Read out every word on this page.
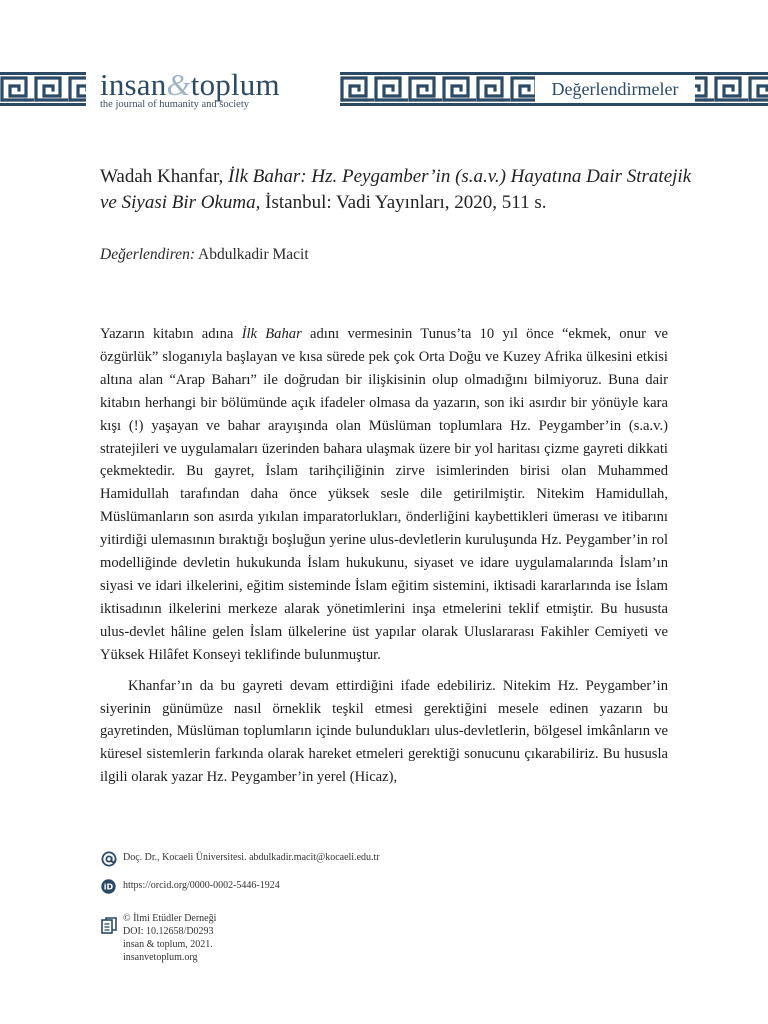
insan&toplum
the journal of humanity and society
Değerlendirmeler
Wadah Khanfar, İlk Bahar: Hz. Peygamber’in (s.a.v.) Hayatına Dair Stratejik ve Siyasi Bir Okuma, İstanbul: Vadi Yayınları, 2020, 511 s.
Değerlendiren: Abdulkadir Macit

Yazarın kitabın adına İlk Bahar adını vermesinin Tunus’ta 10 yıl önce “ekmek, onur ve özgürlük” sloganıyla başlayan ve kısa sürede pek çok Orta Doğu ve Kuzey Afrika ülkesini etkisi altına alan “Arap Baharı” ile doğrudan bir ilişkisinin olup olmadığını bilmiyoruz. Buna dair kitabın herhangi bir bölümünde açık ifadeler olmasa da yazarın, son iki asırdır bir yönüyle kara kışı (!) yaşayan ve bahar arayışında olan Müslüman toplumlara Hz. Peygamber’in (s.a.v.) stratejileri ve uygulamaları üzerinden bahara ulaşmak üzere bir yol haritası çizme gayreti dikkati çekmektedir. Bu gayret, İslam tarihçiliğinin zirve isimlerinden birisi olan Muhammed Hamidullah tarafından daha önce yüksek sesle dile getirilmiştir. Nitekim Hamidullah, Müslümanların son asırda yıkılan imparatorlukları, önderliğini kaybettikleri ümerası ve itibarını yitirdiği ulemasının bıraktığı boşluğun yerine ulus-devletlerin kuruluşunda Hz. Peygamber’in rol modelliğinde devletin hukukunda İslam hukukunu, siyaset ve idare uygulamalarında İslam’ın siyasi ve idari ilkelerini, eğitim sisteminde İslam eğitim sistemini, iktisadi kararlarında ise İslam iktisadının ilkelerini merkeze alarak yönetimlerini inşa etmelerini teklif etmiştir. Bu hususta ulus-devlet hâline gelen İslam ülkelerine üst yapılar olarak Uluslararası Fakihler Cemiyeti ve Yüksek Hilâfet Konseyi teklifinde bulunmuştur.

Khanfar’ın da bu gayreti devam ettirdiğini ifade edebiliriz. Nitekim Hz. Peygamber’in siyerinin günümüze nasıl örneklik teşkil etmesi gerektiğini mesele edinen yazarın bu gayretinden, Müslüman toplumların içinde bulundukları ulus-devletlerin, bölgesel imkânların ve küresel sistemlerin farkında olarak hareket etmeleri gerektiği sonucunu çıkarabiliriz. Bu hususla ilgili olarak yazar Hz. Peygamber’in yerel (Hicaz),

Doç. Dr., Kocaeli Üniversitesi. abdulkadir.macit@kocaeli.edu.tr
iD https://orcid.org/0000-0002-5446-1924
© İlmi Etüdler Derneği
DOI: 10.12658/D0293
insan & toplum, 2021.
insanvetoplum.org
